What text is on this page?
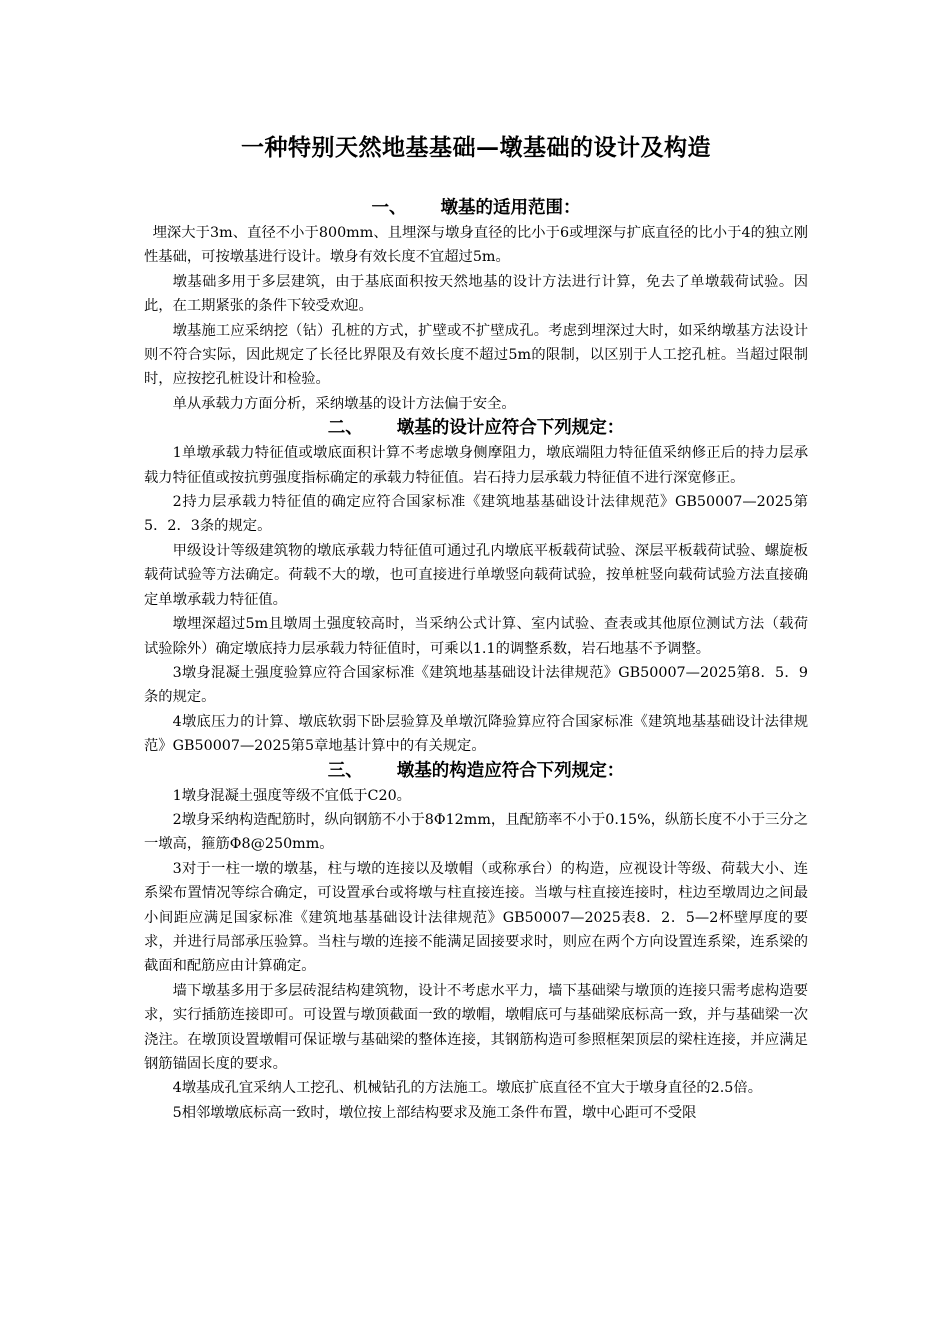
一种特别天然地基基础—墩基础的设计及构造
一、 墩基的适用范围：

埋深大于3m、直径不小于800mm、且埋深与墩身直径的比小于6或埋深与扩底直径的比小于4的独立刚性基础，可按墩基进行设计。墩身有效长度不宜超过5m。

墩基础多用于多层建筑，由于基底面积按天然地基的设计方法进行计算，免去了单墩载荷试验。因此，在工期紧张的条件下较受欢迎。

墩基施工应采纳挖（钻）孔桩的方式，扩壁或不扩壁成孔。考虑到埋深过大时，如采纳墩基方法设计则不符合实际，因此规定了长径比界限及有效长度不超过5m的限制，以区别于人工挖孔桩。当超过限制时，应按挖孔桩设计和检验。

单从承载力方面分析，采纳墩基的设计方法偏于安全。

二、 墩基的设计应符合下列规定：

1单墩承载力特征值或墩底面积计算不考虑墩身侧摩阻力，墩底端阻力特征值采纳修正后的持力层承载力特征值或按抗剪强度指标确定的承载力特征值。岩石持力层承载力特征值不进行深宽修正。

2持力层承载力特征值的确定应符合国家标准《建筑地基基础设计法律规范》GB50007—2025第5．2．3条的规定。

甲级设计等级建筑物的墩底承载力特征值可通过孔内墩底平板载荷试验、深层平板载荷试验、螺旋板载荷试验等方法确定。荷载不大的墩，也可直接进行单墩竖向载荷试验，按单桩竖向载荷试验方法直接确定单墩承载力特征值。

墩埋深超过5m且墩周土强度较高时，当采纳公式计算、室内试验、查表或其他原位测试方法（载荷试验除外）确定墩底持力层承载力特征值时，可乘以1.1的调整系数，岩石地基不予调整。

3墩身混凝土强度验算应符合国家标准《建筑地基基础设计法律规范》GB50007—2025第8．5．9条的规定。

4墩底压力的计算、墩底软弱下卧层验算及单墩沉降验算应符合国家标准《建筑地基基础设计法律规范》GB50007—2025第5章地基计算中的有关规定。

三、 墩基的构造应符合下列规定：

1墩身混凝土强度等级不宜低于C20。

2墩身采纳构造配筋时，纵向钢筋不小于8Φ12mm，且配筋率不小于0.15%，纵筋长度不小于三分之一墩高，箍筋Φ8@250mm。

3对于一柱一墩的墩基，柱与墩的连接以及墩帽（或称承台）的构造，应视设计等级、荷载大小、连系梁布置情况等综合确定，可设置承台或将墩与柱直接连接。当墩与柱直接连接时，柱边至墩周边之间最小间距应满足国家标准《建筑地基基础设计法律规范》GB50007—2025表8．2．5—2杯壁厚度的要求，并进行局部承压验算。当柱与墩的连接不能满足固接要求时，则应在两个方向设置连系梁，连系梁的截面和配筋应由计算确定。

墙下墩基多用于多层砖混结构建筑物，设计不考虑水平力，墙下基础梁与墩顶的连接只需考虑构造要求，实行插筋连接即可。可设置与墩顶截面一致的墩帽，墩帽底可与基础梁底标高一致，并与基础梁一次浇注。在墩顶设置墩帽可保证墩与基础梁的整体连接，其钢筋构造可参照框架顶层的梁柱连接，并应满足钢筋锚固长度的要求。

4墩基成孔宜采纳人工挖孔、机械钻孔的方法施工。墩底扩底直径不宜大于墩身直径的2.5倍。

5相邻墩墩底标高一致时，墩位按上部结构要求及施工条件布置，墩中心距可不受限
